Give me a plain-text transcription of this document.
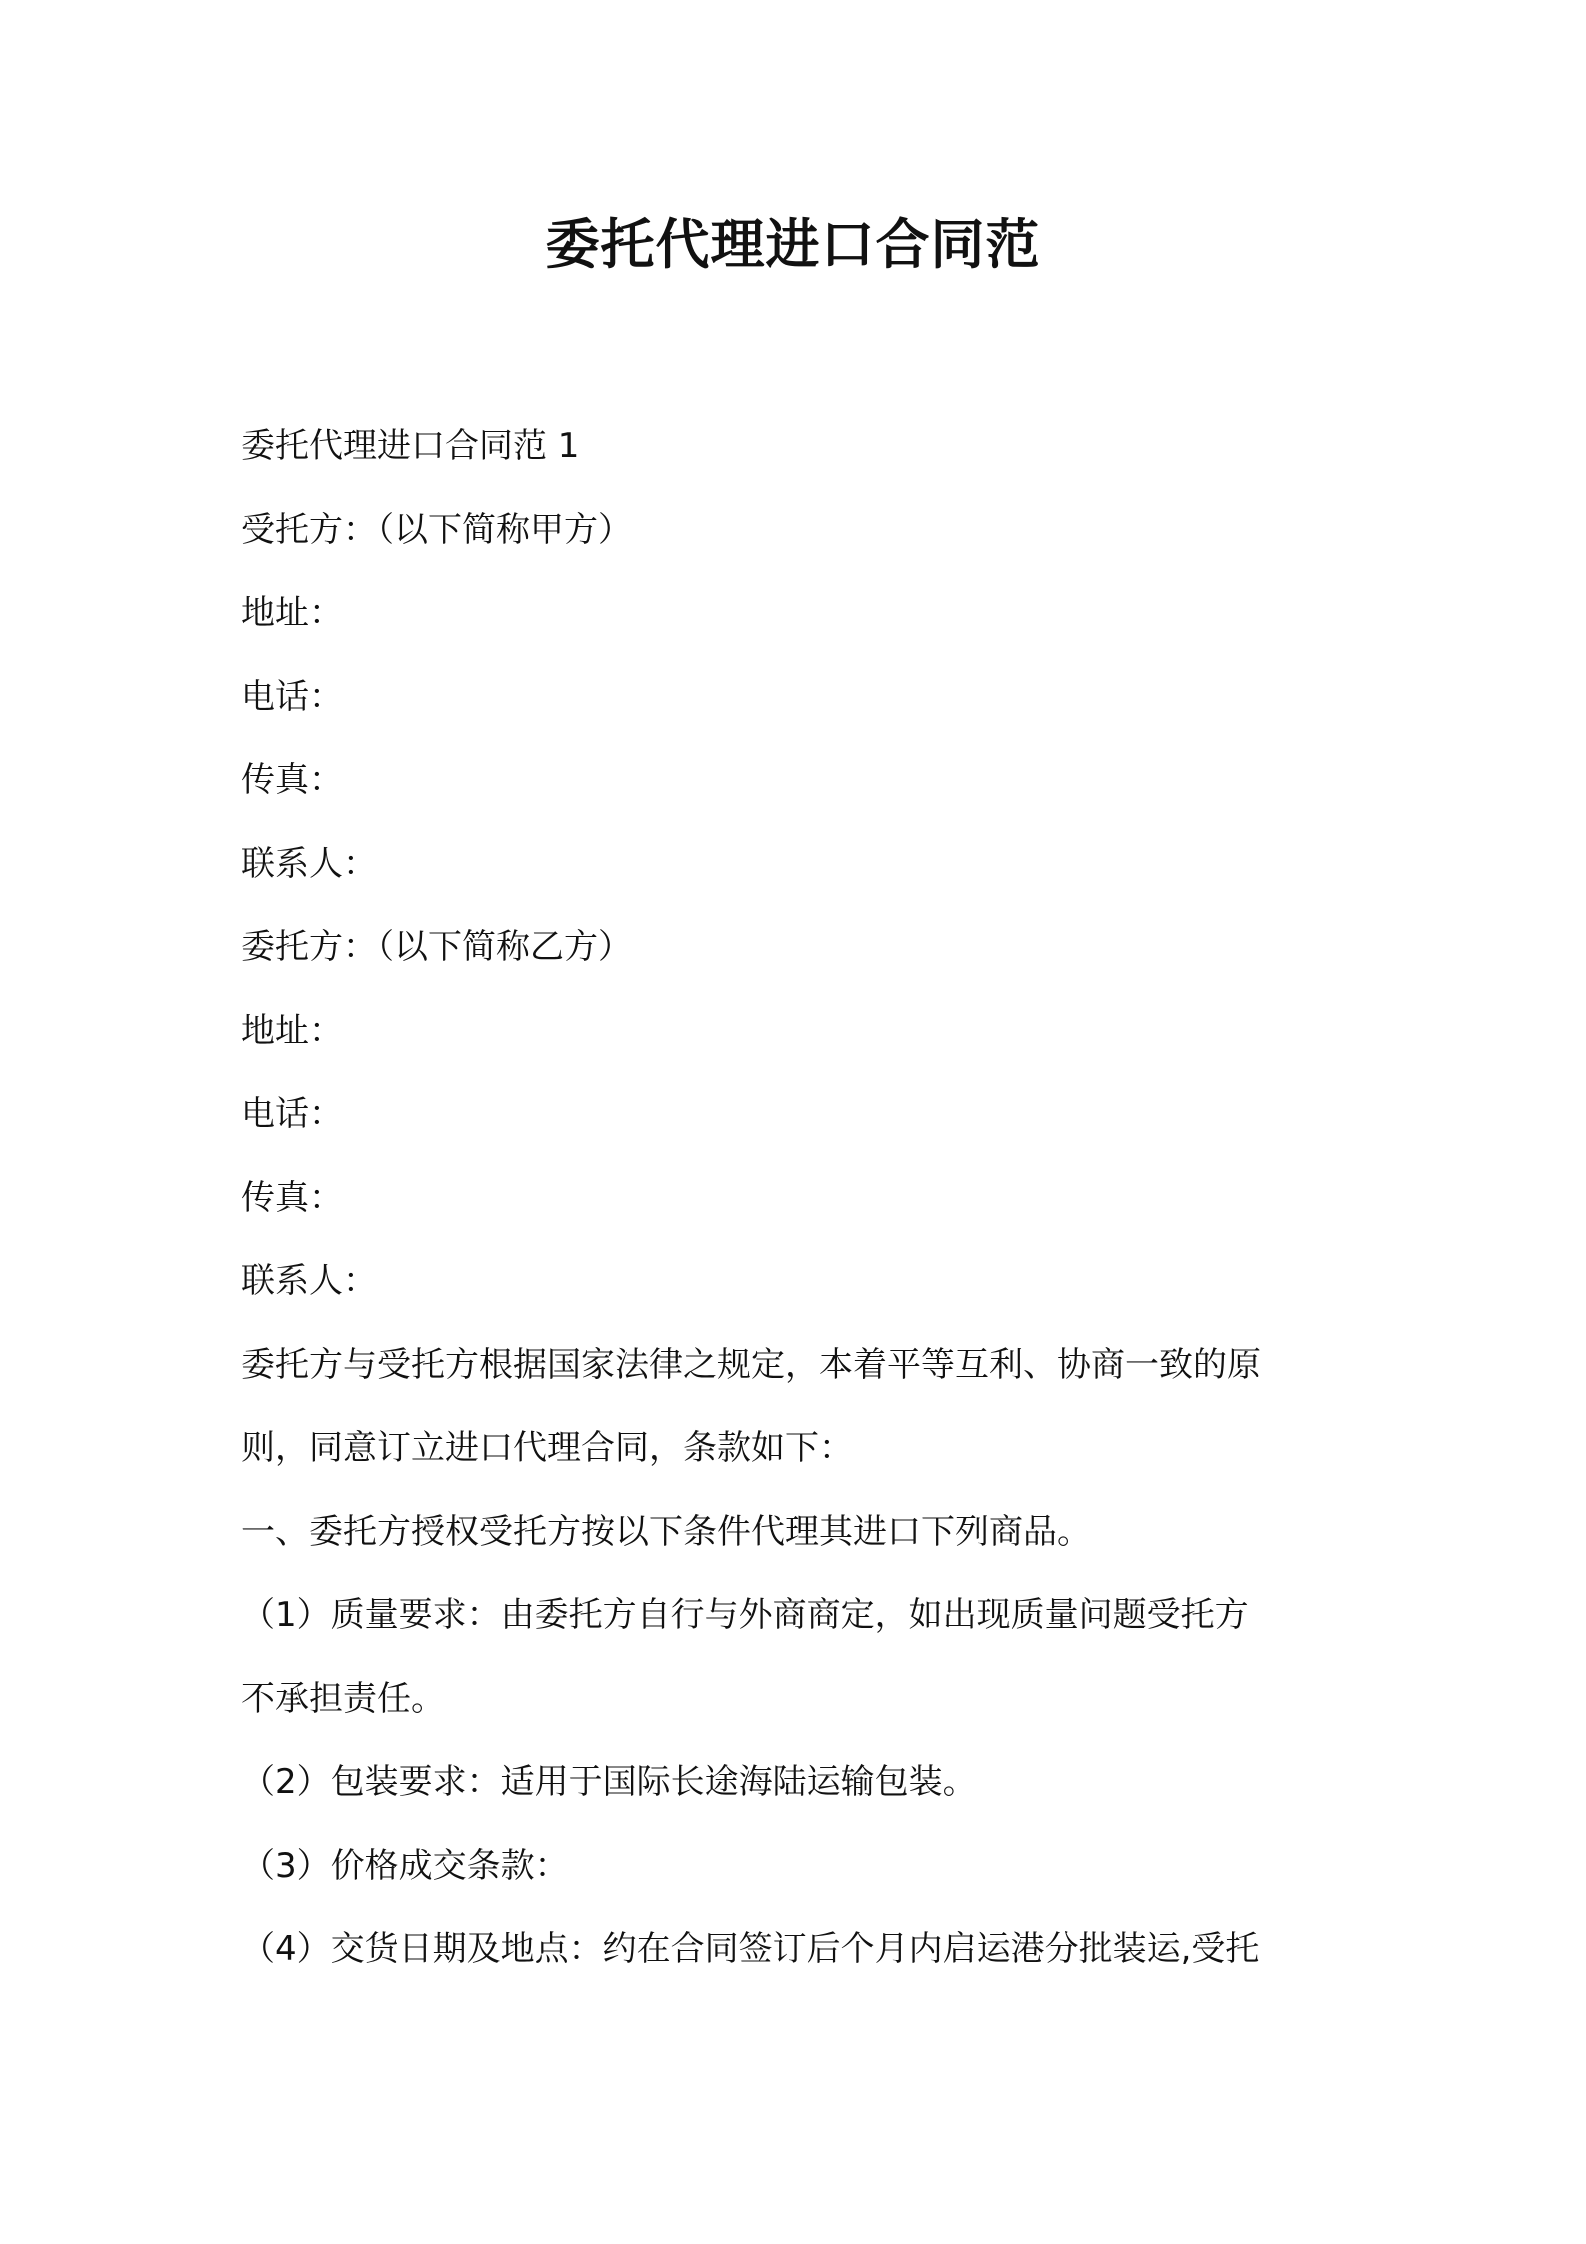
委托代理进口合同范
委托代理进口合同范 1
受托方：（以下简称甲方）
地址：
电话：
传真：
联系人：
委托方：（以下简称乙方）
地址：
电话：
传真：
联系人：
委托方与受托方根据国家法律之规定，本着平等互利、协商一致的原
则，同意订立进口代理合同，条款如下：
一、委托方授权受托方按以下条件代理其进口下列商品。
（1）质量要求：由委托方自行与外商商定，如出现质量问题受托方
不承担责任。
（2）包装要求：适用于国际长途海陆运输包装。
（3）价格成交条款：
（4）交货日期及地点：约在合同签订后个月内启运港分批装运,受托
